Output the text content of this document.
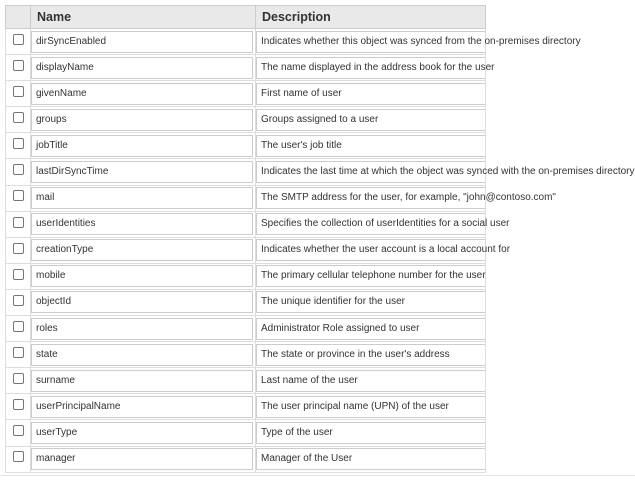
	Name	Description

	dirSyncEnabled	Indicates whether this object was synced from the on-premises directory

	displayName	The name displayed in the address book for the user

	givenName	First name of user

	groups	Groups assigned to a user

	jobTitle	The user's job title

	lastDirSyncTime	Indicates the last time at which the object was synced with the on-premises directory

	mail	The SMTP address for the user, for example, "john@contoso.com"

	userIdentities	Specifies the collection of userIdentities for a social user

	creationType	Indicates whether the user account is a local account for

	mobile	The primary cellular telephone number for the user

	objectId	The unique identifier for the user

	roles	Administrator Role assigned to user

	state	The state or province in the user's address

	surname	Last name of the user

	userPrincipalName	The user principal name (UPN) of the user

	userType	Type of the user

	manager	Manager of the User
